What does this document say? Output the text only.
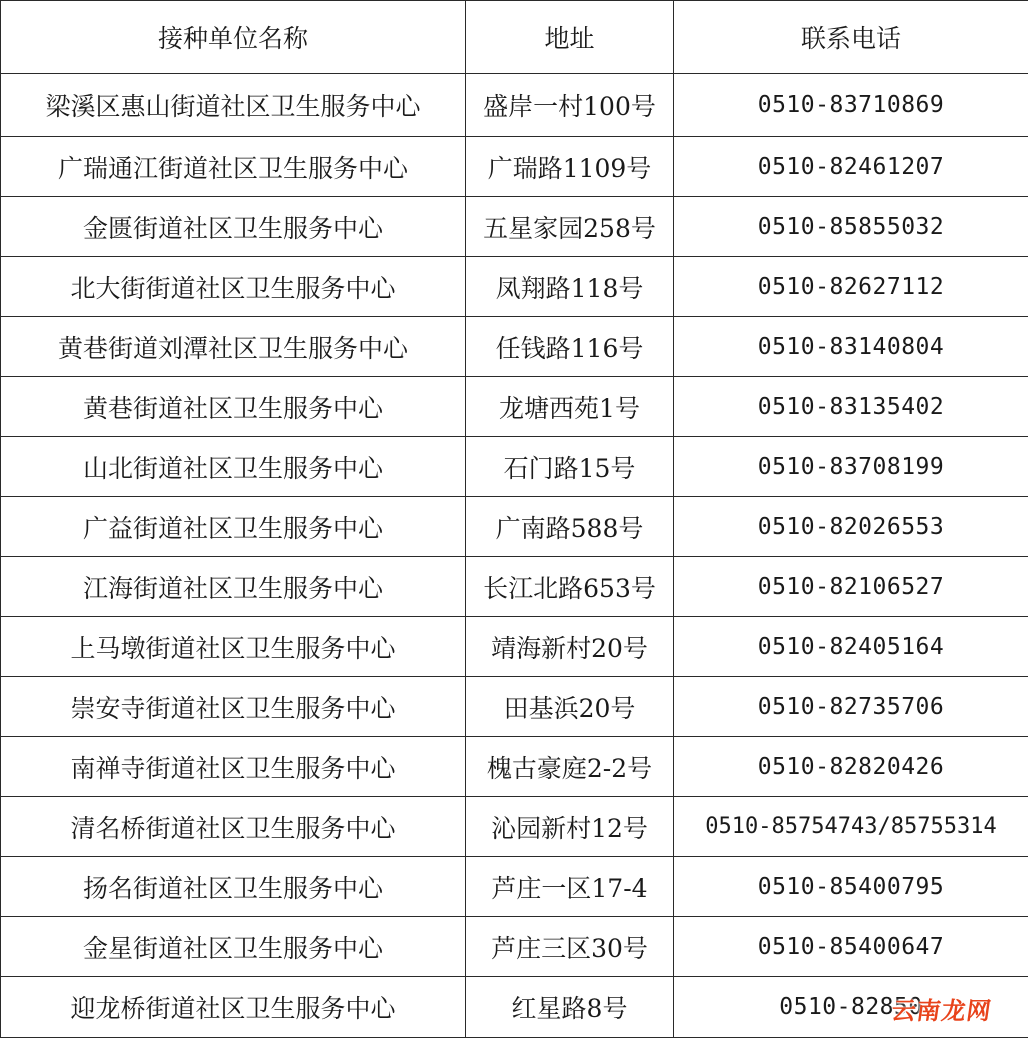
接种单位名称	地址	联系电话
梁溪区惠山街道社区卫生服务中心	盛岸一村100号	0510-83710869
广瑞通江街道社区卫生服务中心	广瑞路1109号	0510-82461207
金匮街道社区卫生服务中心	五星家园258号	0510-85855032
北大街街道社区卫生服务中心	凤翔路118号	0510-82627112
黄巷街道刘潭社区卫生服务中心	任钱路116号	0510-83140804
黄巷街道社区卫生服务中心	龙塘西苑1号	0510-83135402
山北街道社区卫生服务中心	石门路15号	0510-83708199
广益街道社区卫生服务中心	广南路588号	0510-82026553
江海街道社区卫生服务中心	长江北路653号	0510-82106527
上马墩街道社区卫生服务中心	靖海新村20号	0510-82405164
崇安寺街道社区卫生服务中心	田基浜20号	0510-82735706
南禅寺街道社区卫生服务中心	槐古豪庭2-2号	0510-82820426
清名桥街道社区卫生服务中心	沁园新村12号	0510-85754743/85755314
扬名街道社区卫生服务中心	芦庄一区17-4	0510-85400795
金星街道社区卫生服务中心	芦庄三区30号	0510-85400647
迎龙桥街道社区卫生服务中心	红星路8号	0510-82850
云南龙网
